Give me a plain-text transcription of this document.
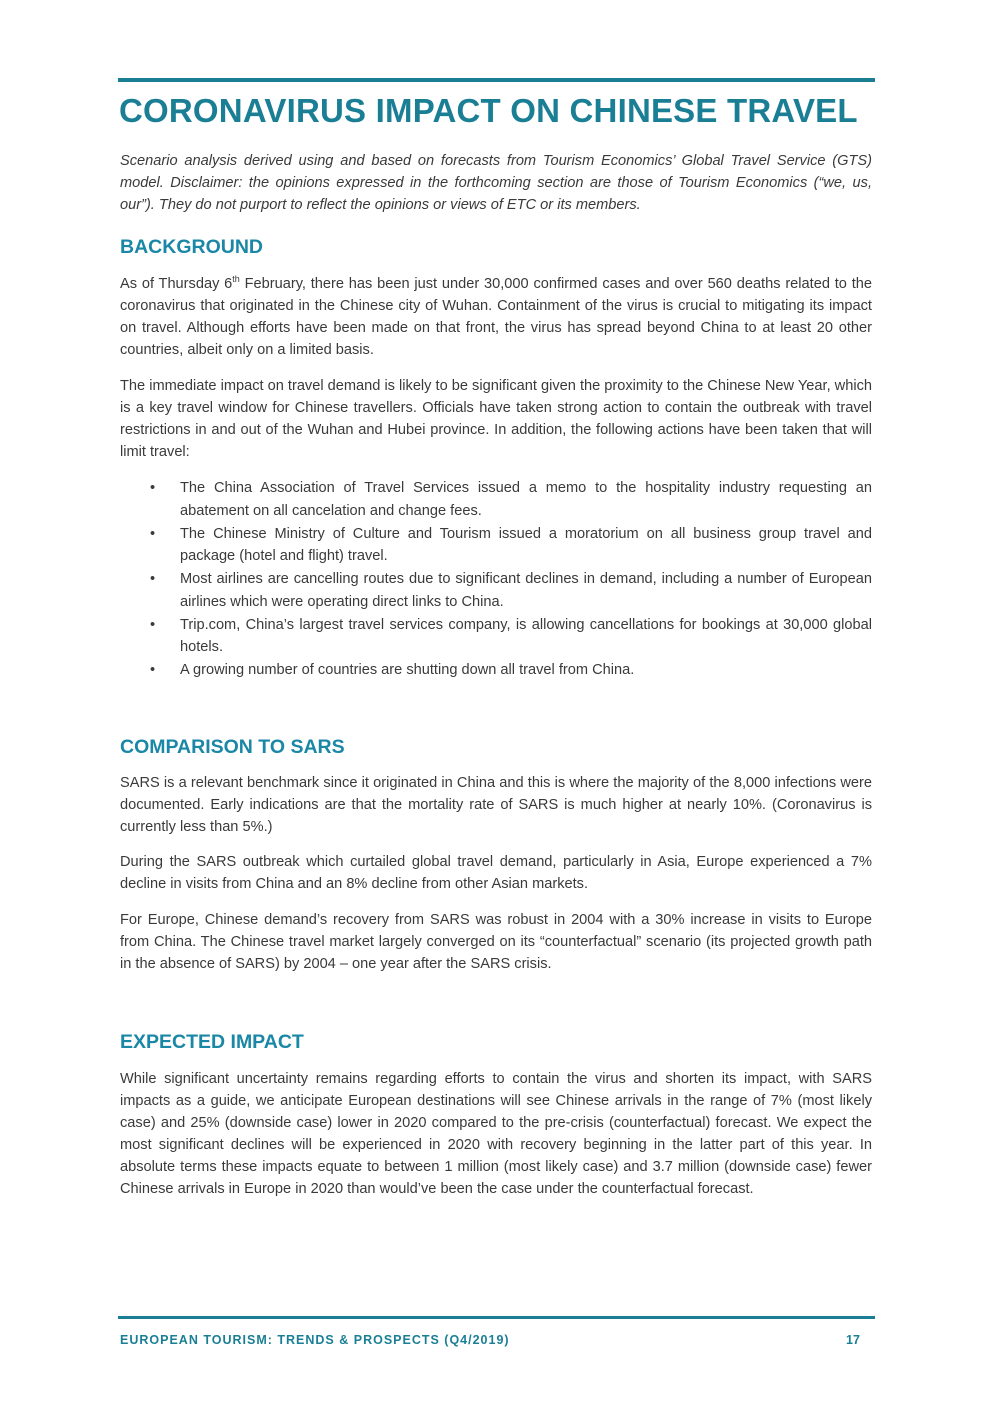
CORONAVIRUS IMPACT ON CHINESE TRAVEL

Scenario analysis derived using and based on forecasts from Tourism Economics’ Global Travel Service (GTS) model. Disclaimer: the opinions expressed in the forthcoming section are those of Tourism Economics (“we, us, our”). They do not purport to reflect the opinions or views of ETC or its members.

BACKGROUND

As of Thursday 6th February, there has been just under 30,000 confirmed cases and over 560 deaths related to the coronavirus that originated in the Chinese city of Wuhan. Containment of the virus is crucial to mitigating its impact on travel. Although efforts have been made on that front, the virus has spread beyond China to at least 20 other countries, albeit only on a limited basis.

The immediate impact on travel demand is likely to be significant given the proximity to the Chinese New Year, which is a key travel window for Chinese travellers. Officials have taken strong action to contain the outbreak with travel restrictions in and out of the Wuhan and Hubei province. In addition, the following actions have been taken that will limit travel:

• The China Association of Travel Services issued a memo to the hospitality industry requesting an abatement on all cancelation and change fees.
• The Chinese Ministry of Culture and Tourism issued a moratorium on all business group travel and package (hotel and flight) travel.
• Most airlines are cancelling routes due to significant declines in demand, including a number of European airlines which were operating direct links to China.
• Trip.com, China’s largest travel services company, is allowing cancellations for bookings at 30,000 global hotels.
• A growing number of countries are shutting down all travel from China.
COMPARISON TO SARS

SARS is a relevant benchmark since it originated in China and this is where the majority of the 8,000 infections were documented. Early indications are that the mortality rate of SARS is much higher at nearly 10%. (Coronavirus is currently less than 5%.)

During the SARS outbreak which curtailed global travel demand, particularly in Asia, Europe experienced a 7% decline in visits from China and an 8% decline from other Asian markets.

For Europe, Chinese demand’s recovery from SARS was robust in 2004 with a 30% increase in visits to Europe from China. The Chinese travel market largely converged on its “counterfactual” scenario (its projected growth path in the absence of SARS) by 2004 – one year after the SARS crisis.

EXPECTED IMPACT

While significant uncertainty remains regarding efforts to contain the virus and shorten its impact, with SARS impacts as a guide, we anticipate European destinations will see Chinese arrivals in the range of 7% (most likely case) and 25% (downside case) lower in 2020 compared to the pre-crisis (counterfactual) forecast. We expect the most significant declines will be experienced in 2020 with recovery beginning in the latter part of this year. In absolute terms these impacts equate to between 1 million (most likely case) and 3.7 million (downside case) fewer Chinese arrivals in Europe in 2020 than would’ve been the case under the counterfactual forecast.

EUROPEAN TOURISM: TRENDS & PROSPECTS (Q4/2019)	17
